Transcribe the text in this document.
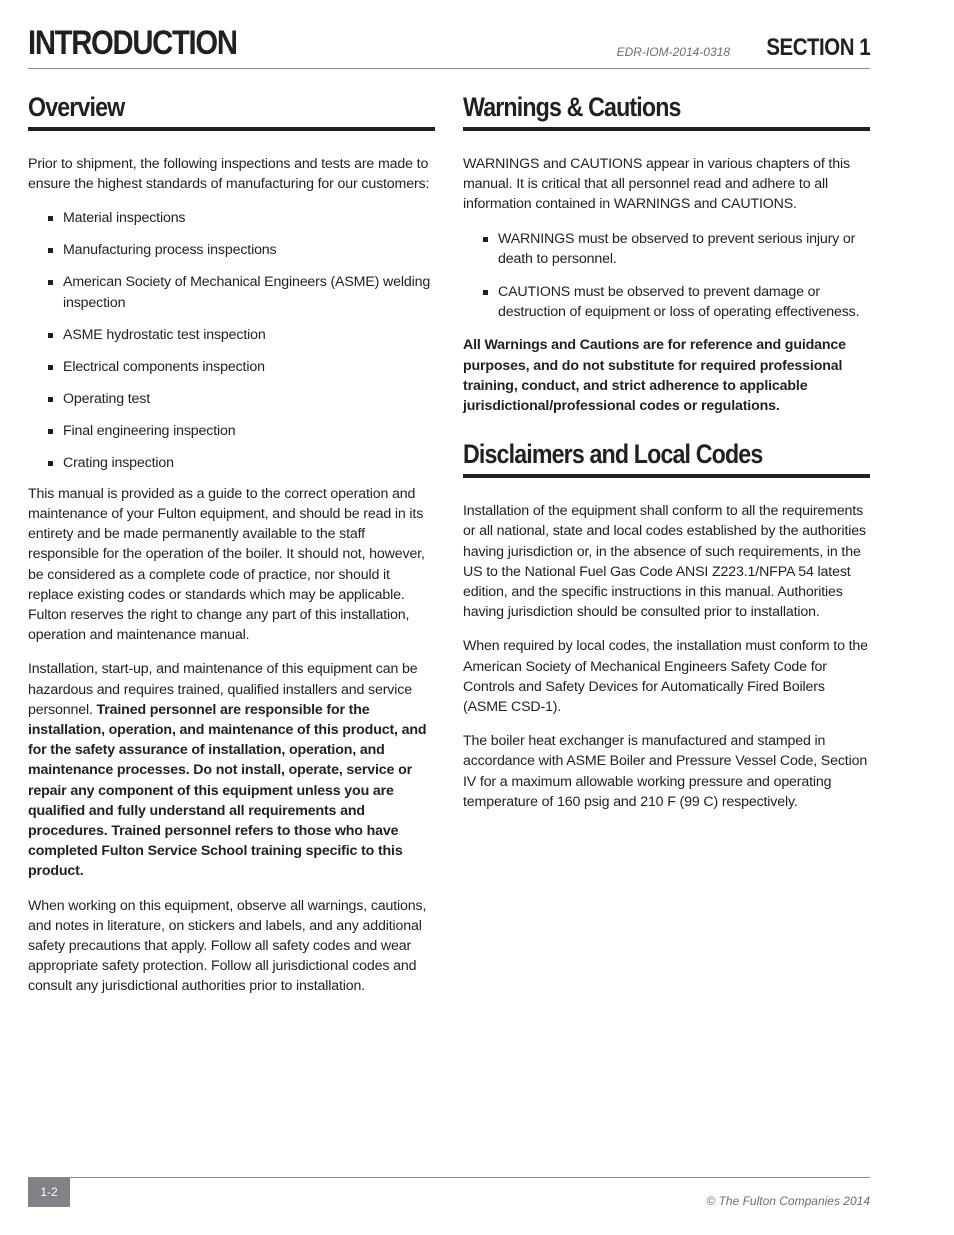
INTRODUCTION	EDR-IOM-2014-0318 SECTION 1
Overview

Prior to shipment, the following inspections and tests are made to ensure the highest standards of manufacturing for our customers:

Material inspections
Manufacturing process inspections
American Society of Mechanical Engineers (ASME) welding inspection
ASME hydrostatic test inspection
Electrical components inspection
Operating test
Final engineering inspection
Crating inspection

This manual is provided as a guide to the correct operation and maintenance of your Fulton equipment, and should be read in its entirety and be made permanently available to the staff responsible for the operation of the boiler. It should not, however, be considered as a complete code of practice, nor should it replace existing codes or standards which may be applicable. Fulton reserves the right to change any part of this installation, operation and maintenance manual.

Installation, start-up, and maintenance of this equipment can be hazardous and requires trained, qualified installers and service personnel. Trained personnel are responsible for the installation, operation, and maintenance of this product, and for the safety assurance of installation, operation, and maintenance processes. Do not install, operate, service or repair any component of this equipment unless you are qualified and fully understand all requirements and procedures. Trained personnel refers to those who have completed Fulton Service School training specific to this product.

When working on this equipment, observe all warnings, cautions, and notes in literature, on stickers and labels, and any additional safety precautions that apply. Follow all safety codes and wear appropriate safety protection. Follow all jurisdictional codes and consult any jurisdictional authorities prior to installation.

Warnings & Cautions

WARNINGS and CAUTIONS appear in various chapters of this manual. It is critical that all personnel read and adhere to all information contained in WARNINGS and CAUTIONS.

WARNINGS must be observed to prevent serious injury or death to personnel.
CAUTIONS must be observed to prevent damage or destruction of equipment or loss of operating effectiveness.

All Warnings and Cautions are for reference and guidance purposes, and do not substitute for required professional training, conduct, and strict adherence to applicable jurisdictional/professional codes or regulations.

Disclaimers and Local Codes

Installation of the equipment shall conform to all the requirements or all national, state and local codes established by the authorities having jurisdiction or, in the absence of such requirements, in the US to the National Fuel Gas Code ANSI Z223.1/NFPA 54 latest edition, and the specific instructions in this manual. Authorities having jurisdiction should be consulted prior to installation.

When required by local codes, the installation must conform to the American Society of Mechanical Engineers Safety Code for Controls and Safety Devices for Automatically Fired Boilers (ASME CSD-1).

The boiler heat exchanger is manufactured and stamped in accordance with ASME Boiler and Pressure Vessel Code, Section IV for a maximum allowable working pressure and operating temperature of 160 psig and 210 F (99 C) respectively.

1-2
© The Fulton Companies 2014
